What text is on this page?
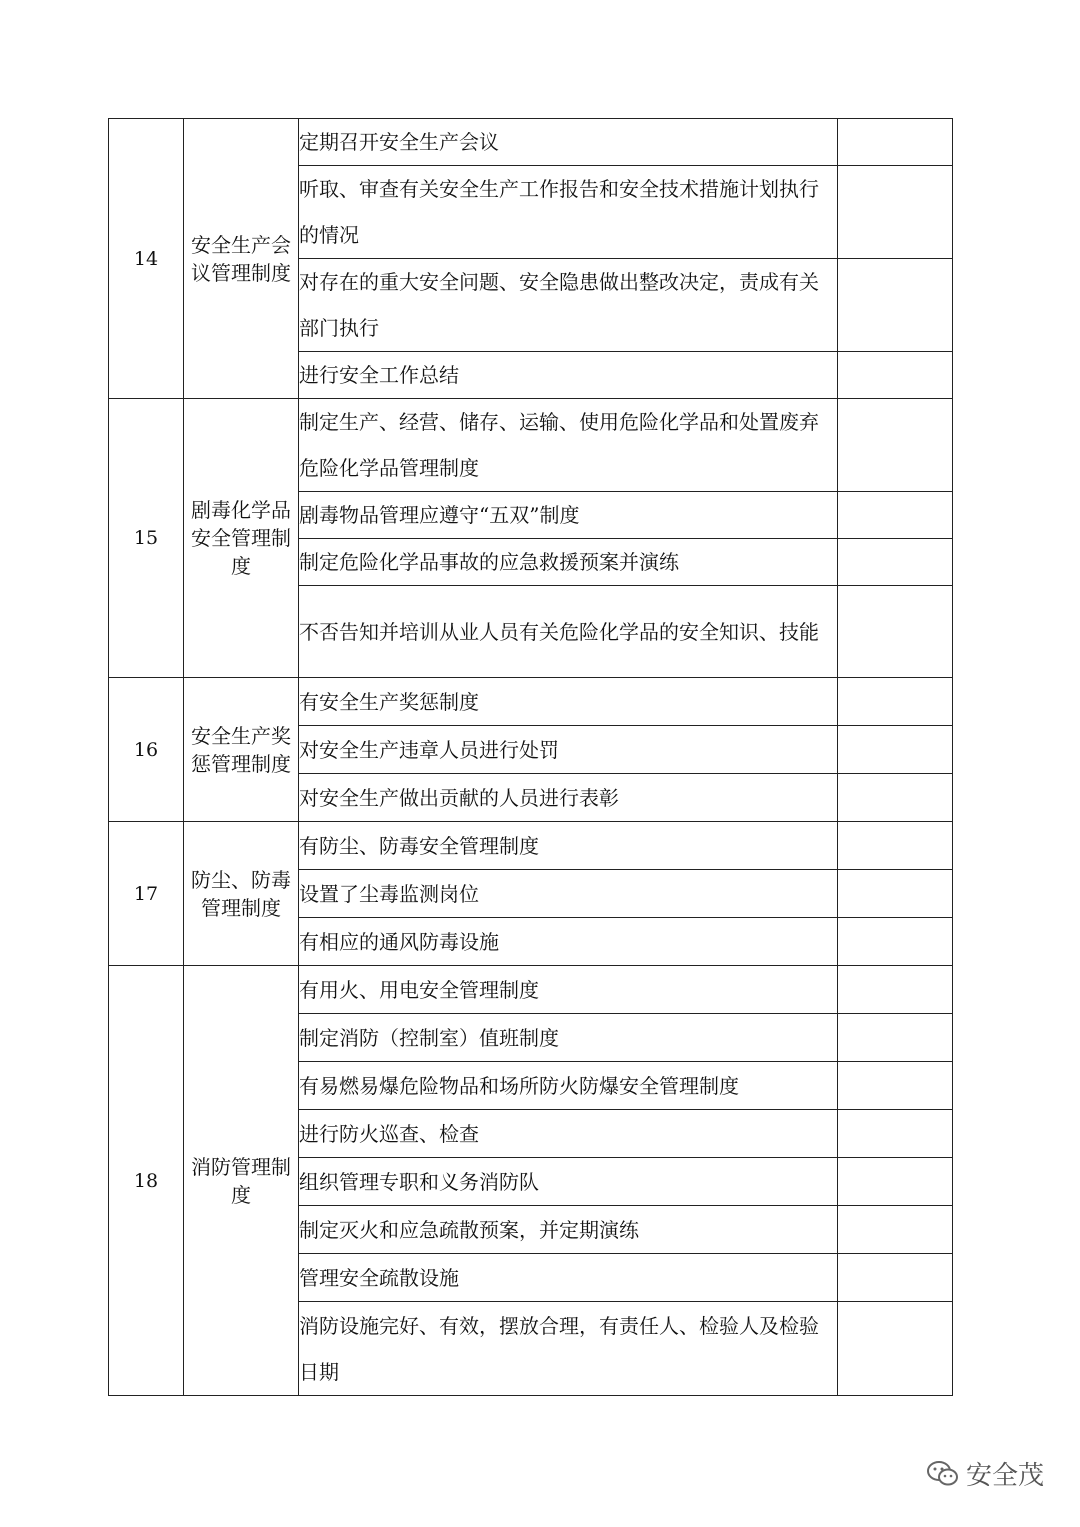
14	安全生产会议管理制度	定期召开安全生产会议	
		听取、审查有关安全生产工作报告和安全技术措施计划执行的情况	
		对存在的重大安全问题、安全隐患做出整改决定，责成有关部门执行	
		进行安全工作总结	
15	剧毒化学品安全管理制度	制定生产、经营、储存、运输、使用危险化学品和处置废弃危险化学品管理制度	
		剧毒物品管理应遵守“五双”制度	
		制定危险化学品事故的应急救援预案并演练	
		不否告知并培训从业人员有关危险化学品的安全知识、技能	
16	安全生产奖惩管理制度	有安全生产奖惩制度	
		对安全生产违章人员进行处罚	
		对安全生产做出贡献的人员进行表彰	
17	防尘、防毒管理制度	有防尘、防毒安全管理制度	
		设置了尘毒监测岗位	
		有相应的通风防毒设施	
18	消防管理制度	有用火、用电安全管理制度	
		制定消防（控制室）值班制度	
		有易燃易爆危险物品和场所防火防爆安全管理制度	
		进行防火巡查、检查	
		组织管理专职和义务消防队	
		制定灭火和应急疏散预案，并定期演练	
		管理安全疏散设施	
		消防设施完好、有效，摆放合理，有责任人、检验人及检验日期	
安全茂
